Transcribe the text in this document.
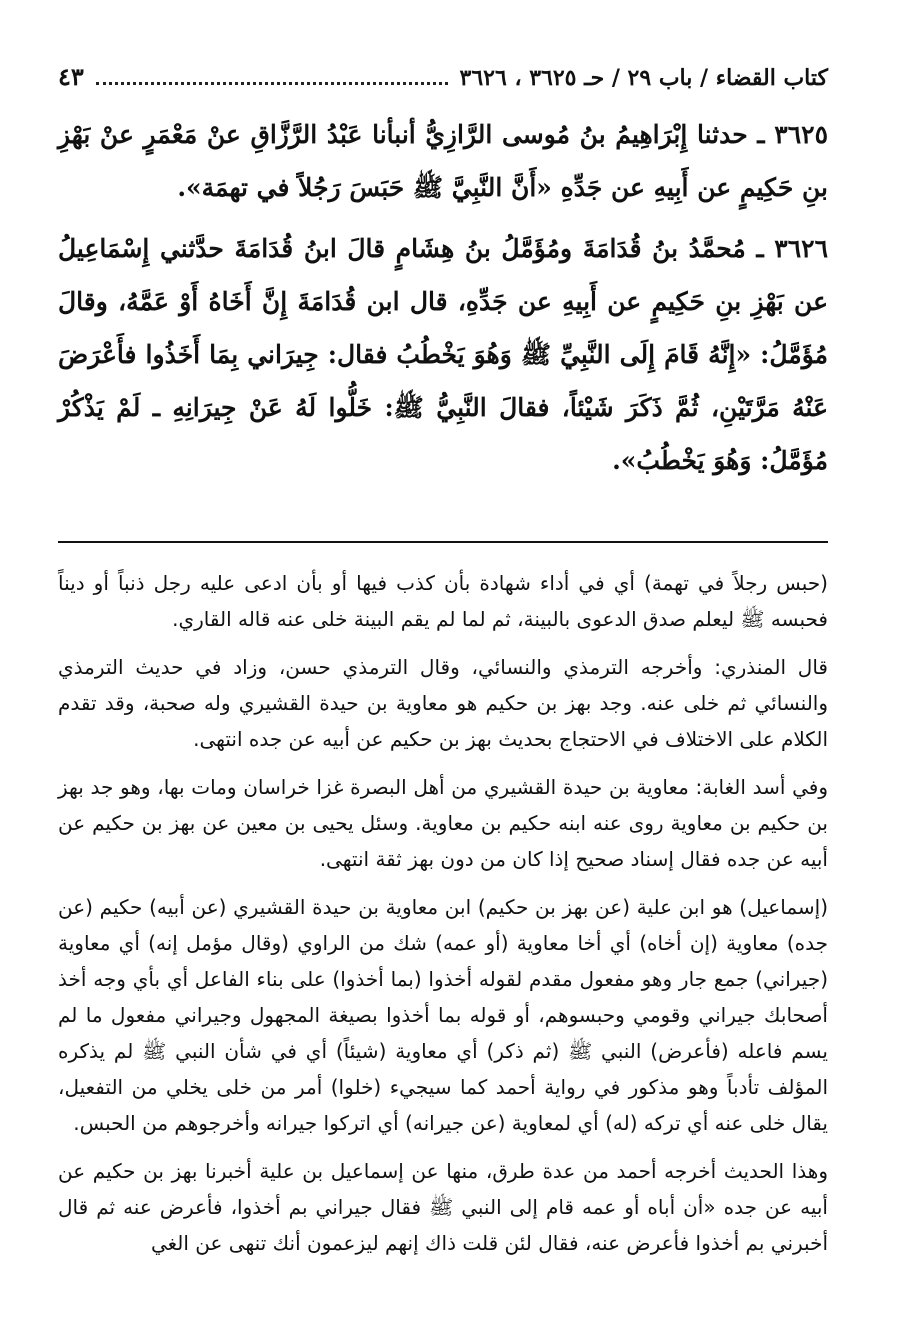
كتاب القضاء / باب ٢٩ / حـ ٣٦٢٥ ، ٣٦٢٦
٤٣

٣٦٢٥ ـ حدثنا إِبْرَاهِيمُ بنُ مُوسى الرَّازِيُّ أنبأنا عَبْدُ الرَّزَّاقِ عنْ مَعْمَرٍ عنْ بَهْزِ بنِ حَكِيمٍ عن أَبِيهِ عن جَدِّهِ «أَنَّ النَّبِيَّ ﷺ حَبَسَ رَجُلاً في تهمَة».

٣٦٢٦ ـ مُحمَّدُ بنُ قُدَامَةَ ومُؤَمَّلُ بنُ هِشَامٍ قالَ ابنُ قُدَامَةَ حدَّثني إِسْمَاعِيلُ عن بَهْزِ بنِ حَكِيمٍ عن أَبِيهِ عن جَدِّهِ، قال ابن قُدَامَةَ إِنَّ أَخَاهُ أَوْ عَمَّهُ، وقالَ مُؤَمَّلُ: «إِنَّهُ قَامَ إِلَى النَّبِيِّ ﷺ وَهُوَ يَخْطُبُ فقال: جِيرَاني بِمَا أَخَذُوا فأَعْرَضَ عَنْهُ مَرَّتَيْنِ، ثُمَّ ذَكَرَ شَيْئاً، فقالَ النَّبِيُّ ﷺ: خَلُّوا لَهُ عَنْ جِيرَانِهِ ـ لَمْ يَذْكُرْ مُؤَمَّلُ: وَهُوَ يَخْطُبُ».

(حبس رجلاً في تهمة) أي في أداء شهادة بأن كذب فيها أو بأن ادعى عليه رجل ذنباً أو ديناً فحبسه ﷺ ليعلم صدق الدعوى بالبينة، ثم لما لم يقم البينة خلى عنه قاله القاري.

قال المنذري: وأخرجه الترمذي والنسائي، وقال الترمذي حسن، وزاد في حديث الترمذي والنسائي ثم خلى عنه. وجد بهز بن حكيم هو معاوية بن حيدة القشيري وله صحبة، وقد تقدم الكلام على الاختلاف في الاحتجاج بحديث بهز بن حكيم عن أبيه عن جده انتهى.

وفي أسد الغابة: معاوية بن حيدة القشيري من أهل البصرة غزا خراسان ومات بها، وهو جد بهز بن حكيم بن معاوية روى عنه ابنه حكيم بن معاوية. وسئل يحيى بن معين عن بهز بن حكيم عن أبيه عن جده فقال إسناد صحيح إذا كان من دون بهز ثقة انتهى.

(إسماعيل) هو ابن علية (عن بهز بن حكيم) ابن معاوية بن حيدة القشيري (عن أبيه) حكيم (عن جده) معاوية (إن أخاه) أي أخا معاوية (أو عمه) شك من الراوي (وقال مؤمل إنه) أي معاوية (جيراني) جمع جار وهو مفعول مقدم لقوله أخذوا (بما أخذوا) على بناء الفاعل أي بأي وجه أخذ أصحابك جيراني وقومي وحبسوهم، أو قوله بما أخذوا بصيغة المجهول وجيراني مفعول ما لم يسم فاعله (فأعرض) النبي ﷺ (ثم ذكر) أي معاوية (شيئاً) أي في شأن النبي ﷺ لم يذكره المؤلف تأدباً وهو مذكور في رواية أحمد كما سيجيء (خلوا) أمر من خلى يخلي من التفعيل، يقال خلى عنه أي تركه (له) أي لمعاوية (عن جيرانه) أي اتركوا جيرانه وأخرجوهم من الحبس.

وهذا الحديث أخرجه أحمد من عدة طرق، منها عن إسماعيل بن علية أخبرنا بهز بن حكيم عن أبيه عن جده «أن أباه أو عمه قام إلى النبي ﷺ فقال جيراني بم أخذوا، فأعرض عنه ثم قال أخبرني بم أخذوا فأعرض عنه، فقال لئن قلت ذاك إنهم ليزعمون أنك تنهى عن الغي
